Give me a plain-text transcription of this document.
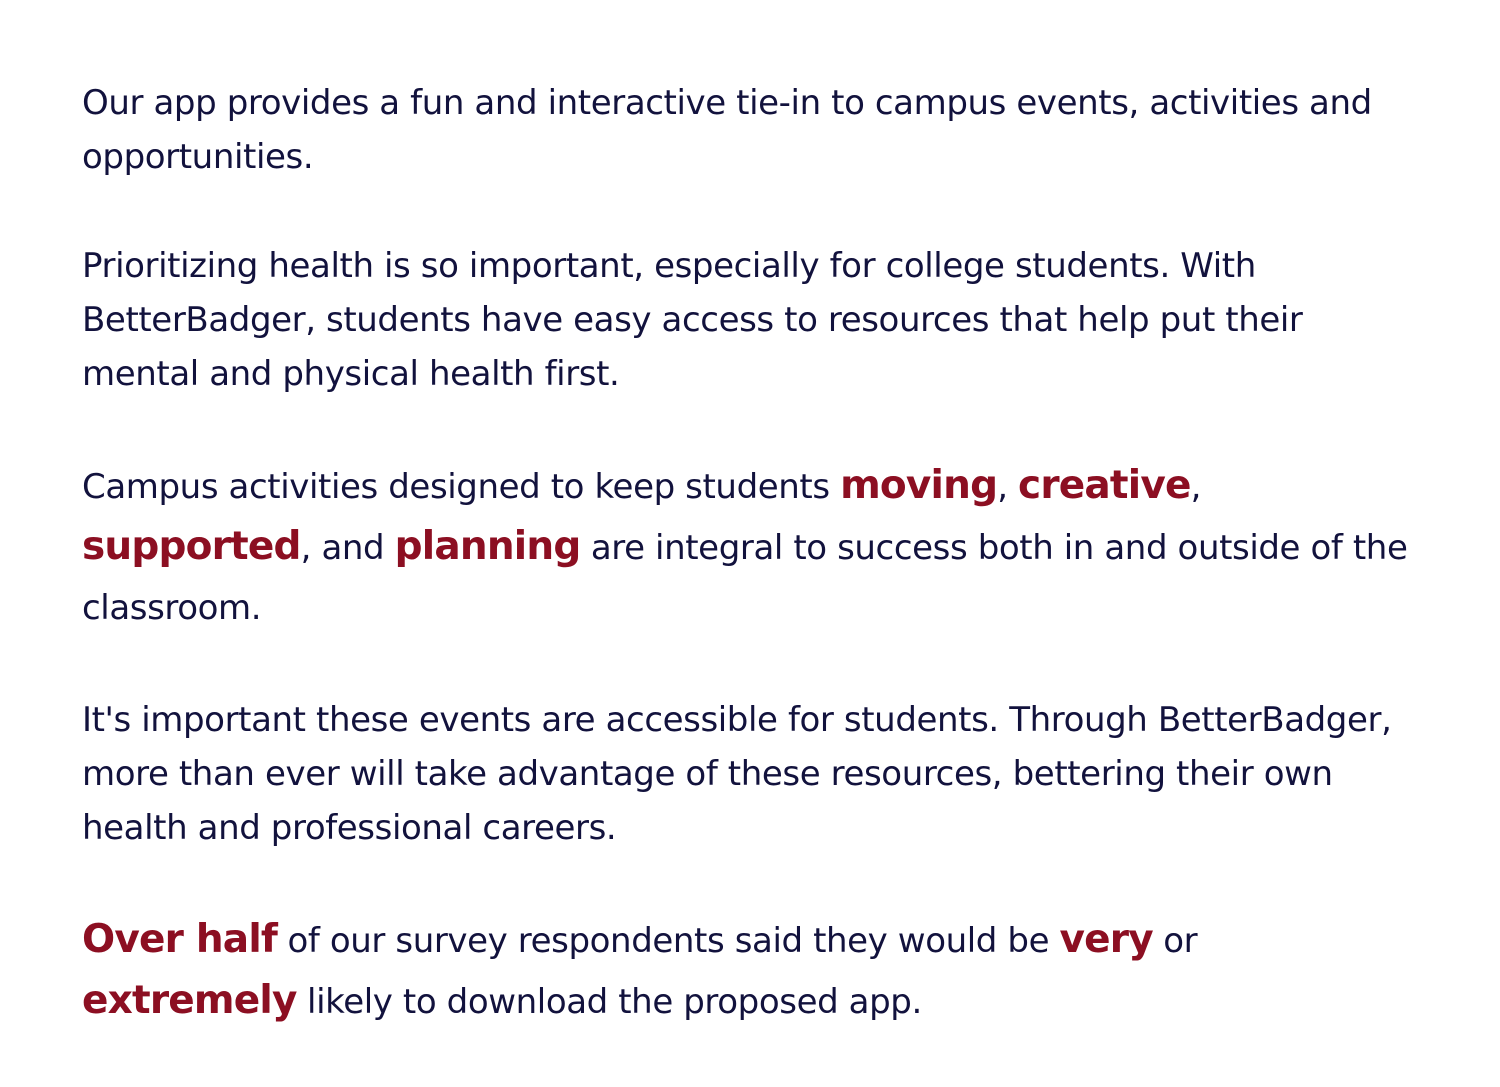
Our app provides a fun and interactive tie-in to campus events, activities and opportunities.

Prioritizing health is so important, especially for college students. With BetterBadger, students have easy access to resources that help put their mental and physical health first.

Campus activities designed to keep students moving, creative, supported, and planning are integral to success both in and outside of the classroom.

It's important these events are accessible for students. Through BetterBadger, more than ever will take advantage of these resources, bettering their own health and professional careers.

Over half of our survey respondents said they would be very or extremely likely to download the proposed app.
